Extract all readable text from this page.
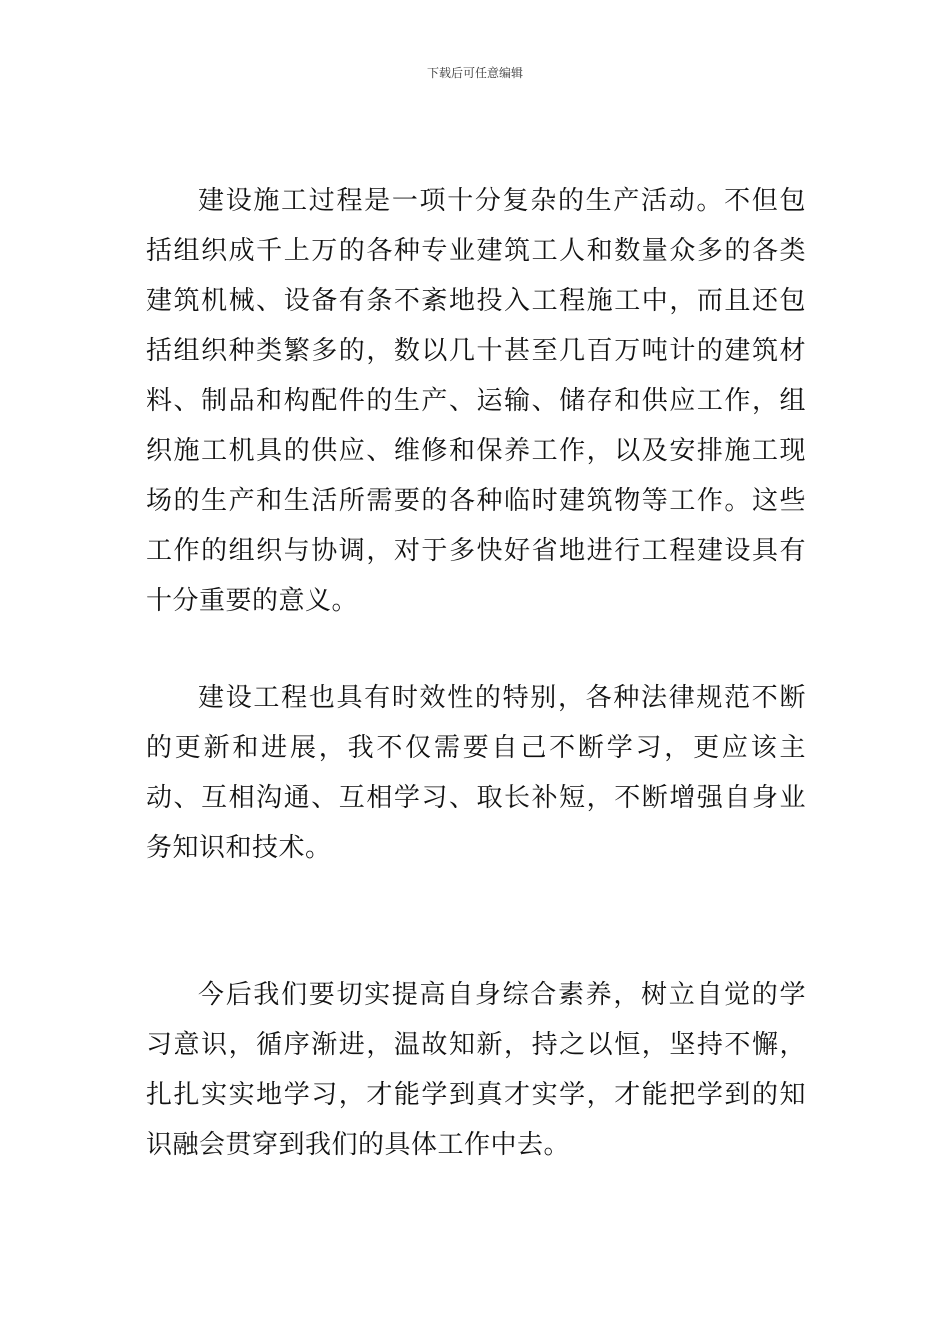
下载后可任意编辑

建设施工过程是一项十分复杂的生产活动。不但包括组织成千上万的各种专业建筑工人和数量众多的各类建筑机械、设备有条不紊地投入工程施工中，而且还包括组织种类繁多的，数以几十甚至几百万吨计的建筑材料、制品和构配件的生产、运输、储存和供应工作，组织施工机具的供应、维修和保养工作，以及安排施工现场的生产和生活所需要的各种临时建筑物等工作。这些工作的组织与协调，对于多快好省地进行工程建设具有十分重要的意义。

建设工程也具有时效性的特别，各种法律规范不断的更新和进展，我不仅需要自己不断学习，更应该主动、互相沟通、互相学习、取长补短，不断增强自身业务知识和技术。

今后我们要切实提高自身综合素养，树立自觉的学习意识，循序渐进，温故知新，持之以恒，坚持不懈，扎扎实实地学习，才能学到真才实学，才能把学到的知识融会贯穿到我们的具体工作中去。
